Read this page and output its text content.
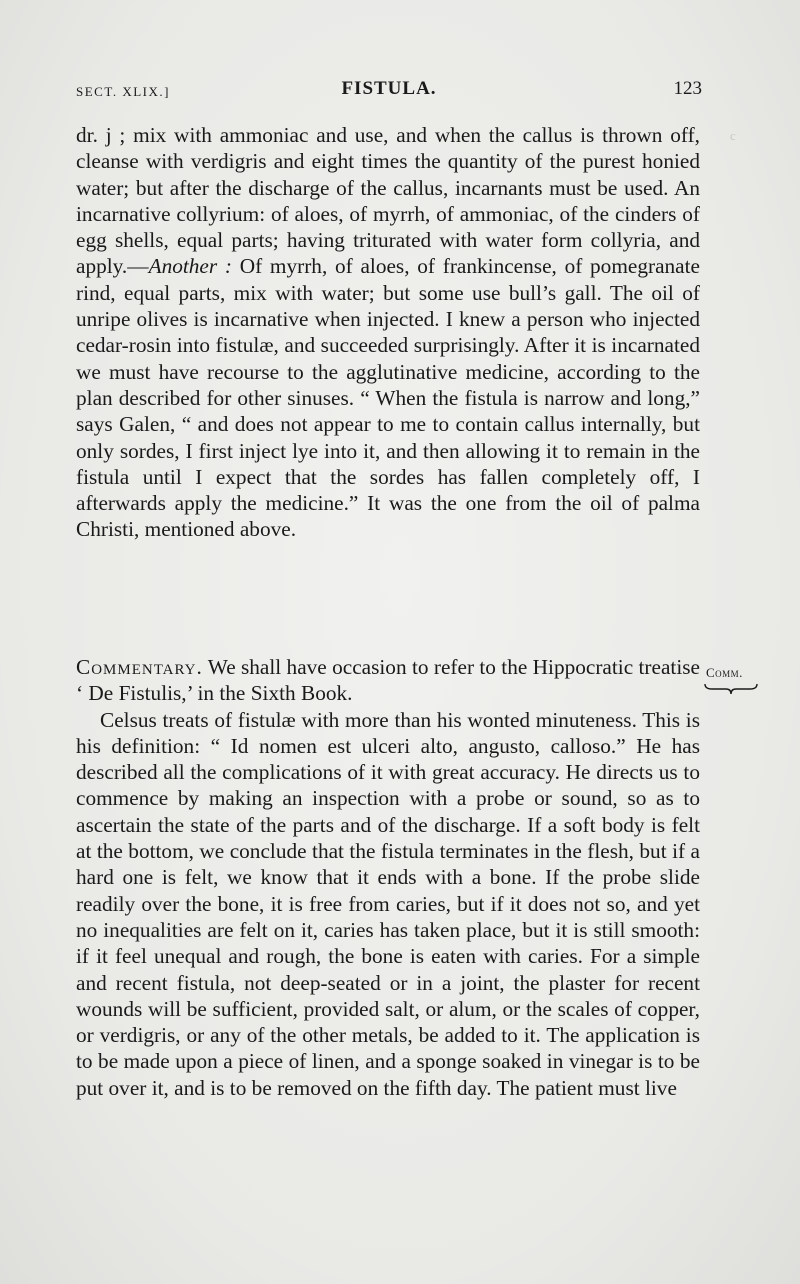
SECT. XLIX.]	FISTULA.	123
c

dr. j ; mix with ammoniac and use, and when the callus is thrown off, cleanse with verdigris and eight times the quantity of the purest honied water; but after the discharge of the callus, incarnants must be used. An incarnative collyrium: of aloes, of myrrh, of ammoniac, of the cinders of egg shells, equal parts; having triturated with water form collyria, and apply.—Another : Of myrrh, of aloes, of frankincense, of pomegranate rind, equal parts, mix with water; but some use bull’s gall. The oil of unripe olives is incarnative when injected. I knew a person who injected cedar-rosin into fistulæ, and succeeded surprisingly. After it is incarnated we must have recourse to the agglutinative medicine, according to the plan described for other sinuses. “ When the fistula is narrow and long,” says Galen, “ and does not appear to me to contain callus internally, but only sordes, I first inject lye into it, and then allowing it to remain in the fistula until I expect that the sordes has fallen completely off, I afterwards apply the medicine.” It was the one from the oil of palma Christi, mentioned above.

Commentary. We shall have occasion to refer to the Hippocratic treatise ‘ De Fistulis,’ in the Sixth Book.

Celsus treats of fistulæ with more than his wonted minuteness. This is his definition: “ Id nomen est ulceri alto, angusto, calloso.” He has described all the complications of it with great accuracy. He directs us to commence by making an inspection with a probe or sound, so as to ascertain the state of the parts and of the discharge. If a soft body is felt at the bottom, we conclude that the fistula terminates in the flesh, but if a hard one is felt, we know that it ends with a bone. If the probe slide readily over the bone, it is free from caries, but if it does not so, and yet no inequalities are felt on it, caries has taken place, but it is still smooth: if it feel unequal and rough, the bone is eaten with caries. For a simple and recent fistula, not deep-seated or in a joint, the plaster for recent wounds will be sufficient, provided salt, or alum, or the scales of copper, or verdigris, or any of the other metals, be added to it. The application is to be made upon a piece of linen, and a sponge soaked in vinegar is to be put over it, and is to be removed on the fifth day. The patient must live

Comm.
